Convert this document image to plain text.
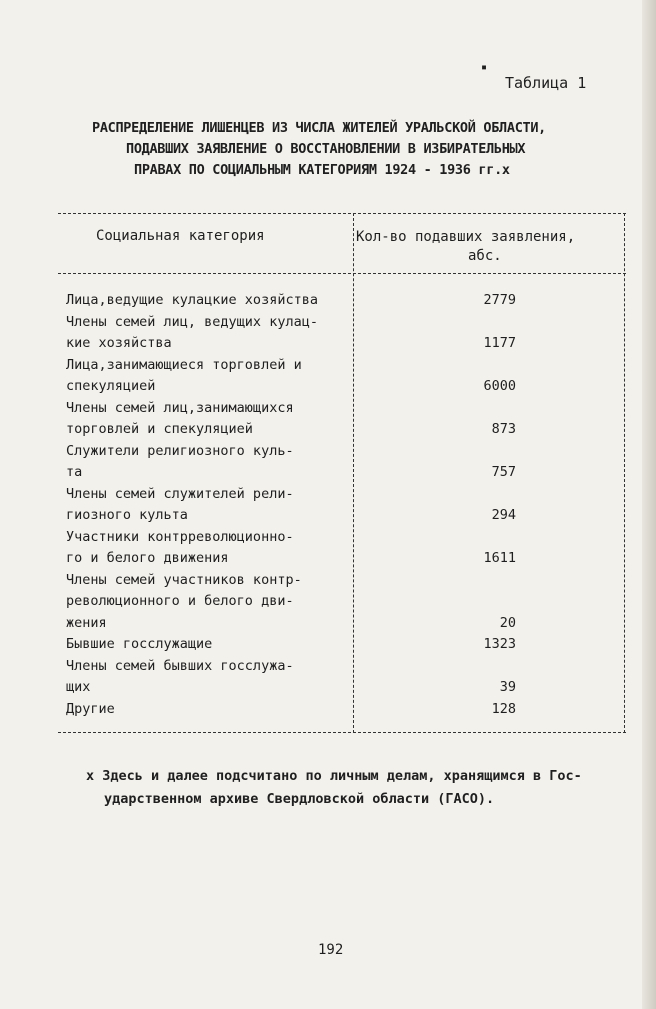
▪
Таблица 1
РАСПРЕДЕЛЕНИЕ ЛИШЕНЦЕВ ИЗ ЧИСЛА ЖИТЕЛЕЙ УРАЛЬСКОЙ ОБЛАСТИ,
ПОДАВШИХ ЗАЯВЛЕНИЕ О ВОССТАНОВЛЕНИИ В ИЗБИРАТЕЛЬНЫХ
ПРАВАХ ПО СОЦИАЛЬНЫМ КАТЕГОРИЯМ 1924 - 1936 гг.х
Социальная категория	Кол-во подавших заявления,
абс.
Лица,ведущие кулацкие хозяйства	2779
Члены семей лиц, ведущих кулац-
кие хозяйства	1177
Лица,занимающиеся торговлей и
спекуляцией	6000
Члены семей лиц,занимающихся
торговлей и спекуляцией	873
Служители религиозного куль-
та	757
Члены семей служителей рели-
гиозного культа	294
Участники контрреволюционно-
го и белого движения	1611
Члены семей участников контр-
революционного и белого дви-
жения	20
Бывшие госслужащие	1323
Члены семей бывших госслужа-
щих	39
Другие	128
х Здесь и далее подсчитано по личным делам, хранящимся в Гос-
ударственном архиве Свердловской области (ГАСО).
192
